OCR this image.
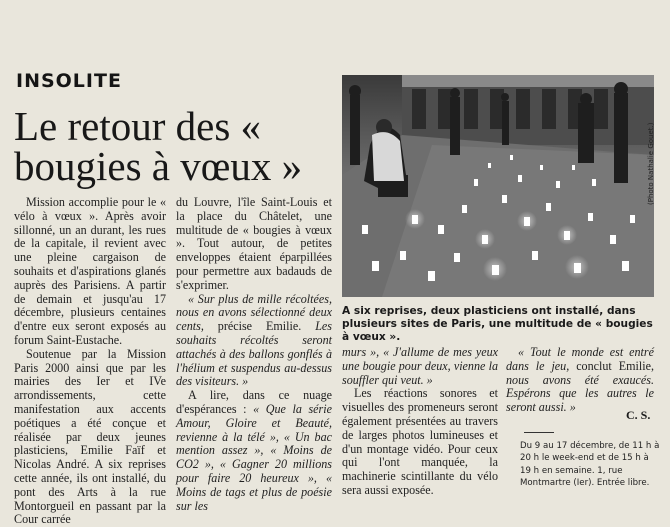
INSOLITE
Le retour des « bougies à vœux »

Mission accomplie pour le « vélo à vœux ». Après avoir sillonné, un an durant, les rues de la capitale, il revient avec une pleine cargaison de souhaits et d'aspirations glanés auprès des Parisiens. A partir de demain et jusqu'au 17 décembre, plusieurs centaines d'entre eux seront exposés au forum Saint-Eustache.

Soutenue par la Mission Paris 2000 ainsi que par les mairies des Ier et IVe arrondissements, cette manifestation aux accents poétiques a été conçue et réalisée par deux jeunes plasticiens, Emilie Faïf et Nicolas André. A six reprises cette année, ils ont installé, du pont des Arts à la rue Montorgueil en passant par la Cour carrée

du Louvre, l'île Saint-Louis et la place du Châtelet, une multitude de « bougies à vœux ». Tout autour, de petites enveloppes étaient éparpillées pour permettre aux badauds de s'exprimer.

« Sur plus de mille récoltées, nous en avons sélectionné deux cents, précise Emilie. Les souhaits récoltés seront attachés à des ballons gonflés à l'hélium et suspendus au-dessus des visiteurs. »

A lire, dans ce nuage d'espérances : « Que la série Amour, Gloire et Beauté, revienne à la télé », « Un bac mention assez », « Moins de CO2 », « Gagner 20 millions pour faire 20 heureux », « Moins de tags et plus de poésie sur les

murs », « J'allume de mes yeux une bougie pour deux, vienne la souffler qui veut. »

Les réactions sonores et visuelles des promeneurs seront également présentées au travers de larges photos lumineuses et d'un montage vidéo. Pour ceux qui l'ont manquée, la machinerie scintillante du vélo sera aussi exposée.

« Tout le monde est entré dans le jeu, conclut Emilie, nous avons été exaucés. Espérons que les autres le seront aussi. »

(Photo Nathalie Gouet.)
A six reprises, deux plasticiens ont installé, dans plusieurs sites de Paris, une multitude de « bougies à vœux ».
C. S.
Du 9 au 17 décembre, de 11 h à 20 h le week-end et de 15 h à 19 h en semaine. 1, rue Montmartre (Ier). Entrée libre.
